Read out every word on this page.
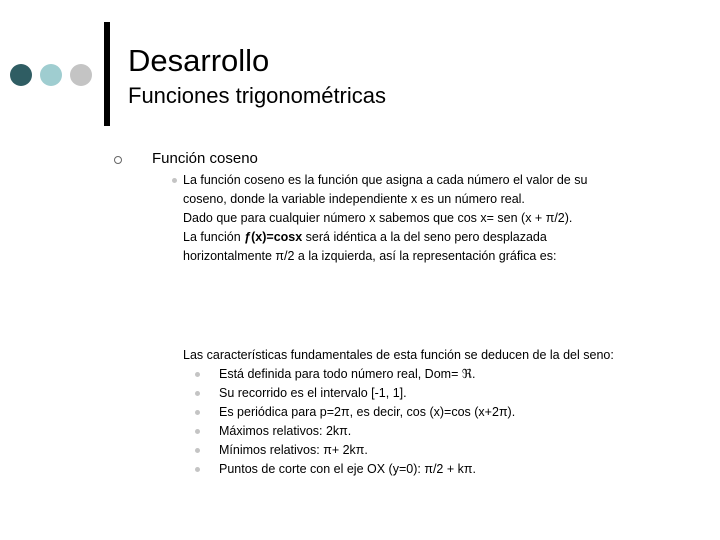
Desarrollo
Funciones trigonométricas
Función coseno
La función coseno es la función que asigna a cada número el valor de su
coseno, donde la variable independiente x es un número real.
Dado que para cualquier número x sabemos que cos x= sen (x + π/2).
La función ƒ(x)=cosx será idéntica a la del seno pero desplazada
horizontalmente π/2 a la izquierda, así la representación gráfica es:
Las características fundamentales de esta función se deducen de la del seno:
Está definida para todo número real, Dom= ℜ.
Su recorrido es el intervalo [-1, 1].
Es periódica para p=2π, es decir, cos (x)=cos (x+2π).
Máximos relativos: 2kπ.
Mínimos relativos: π+ 2kπ.
Puntos de corte con el eje OX (y=0): π/2 + kπ.
